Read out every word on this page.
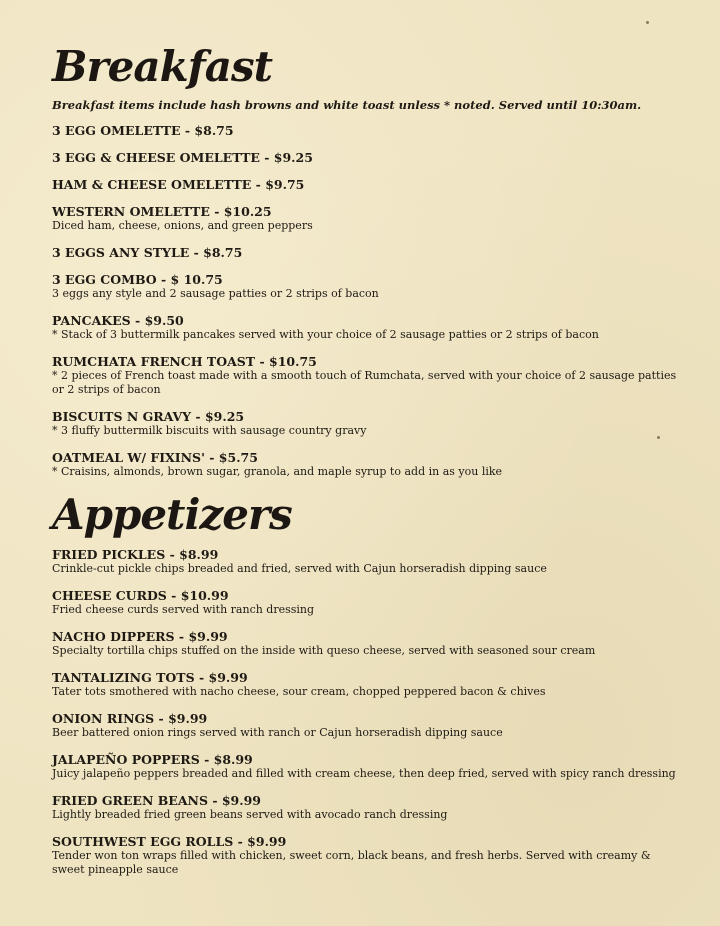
Breakfast
Breakfast items include hash browns and white toast unless * noted. Served until 10:30am.
3 EGG OMELETTE - $8.75
3 EGG & CHEESE OMELETTE - $9.25
HAM & CHEESE OMELETTE - $9.75
WESTERN OMELETTE - $10.25
Diced ham, cheese, onions, and green peppers
3 EGGS ANY STYLE - $8.75
3 EGG COMBO - $ 10.75
3 eggs any style and 2 sausage patties or 2 strips of bacon
PANCAKES - $9.50
* Stack of 3 buttermilk pancakes served with your choice of 2 sausage patties or 2 strips of bacon
RUMCHATA FRENCH TOAST - $10.75
* 2 pieces of French toast made with a smooth touch of Rumchata, served with your choice of 2 sausage patties or 2 strips of bacon
BISCUITS N GRAVY - $9.25
* 3 fluffy buttermilk biscuits with sausage country gravy
OATMEAL W/ FIXINS' - $5.75
* Craisins, almonds, brown sugar, granola, and maple syrup to add in as you like
Appetizers
FRIED PICKLES - $8.99
Crinkle-cut pickle chips breaded and fried, served with Cajun horseradish dipping sauce
CHEESE CURDS - $10.99
Fried cheese curds served with ranch dressing
NACHO DIPPERS - $9.99
Specialty tortilla chips stuffed on the inside with queso cheese, served with seasoned sour cream
TANTALIZING TOTS - $9.99
Tater tots smothered with nacho cheese, sour cream, chopped peppered bacon & chives
ONION RINGS - $9.99
Beer battered onion rings served with ranch or Cajun horseradish dipping sauce
JALAPEÑO POPPERS - $8.99
Juicy jalapeño peppers breaded and filled with cream cheese, then deep fried, served with spicy ranch dressing
FRIED GREEN BEANS - $9.99
Lightly breaded fried green beans served with avocado ranch dressing
SOUTHWEST EGG ROLLS - $9.99
Tender won ton wraps filled with chicken, sweet corn, black beans, and fresh herbs. Served with creamy & sweet pineapple sauce
